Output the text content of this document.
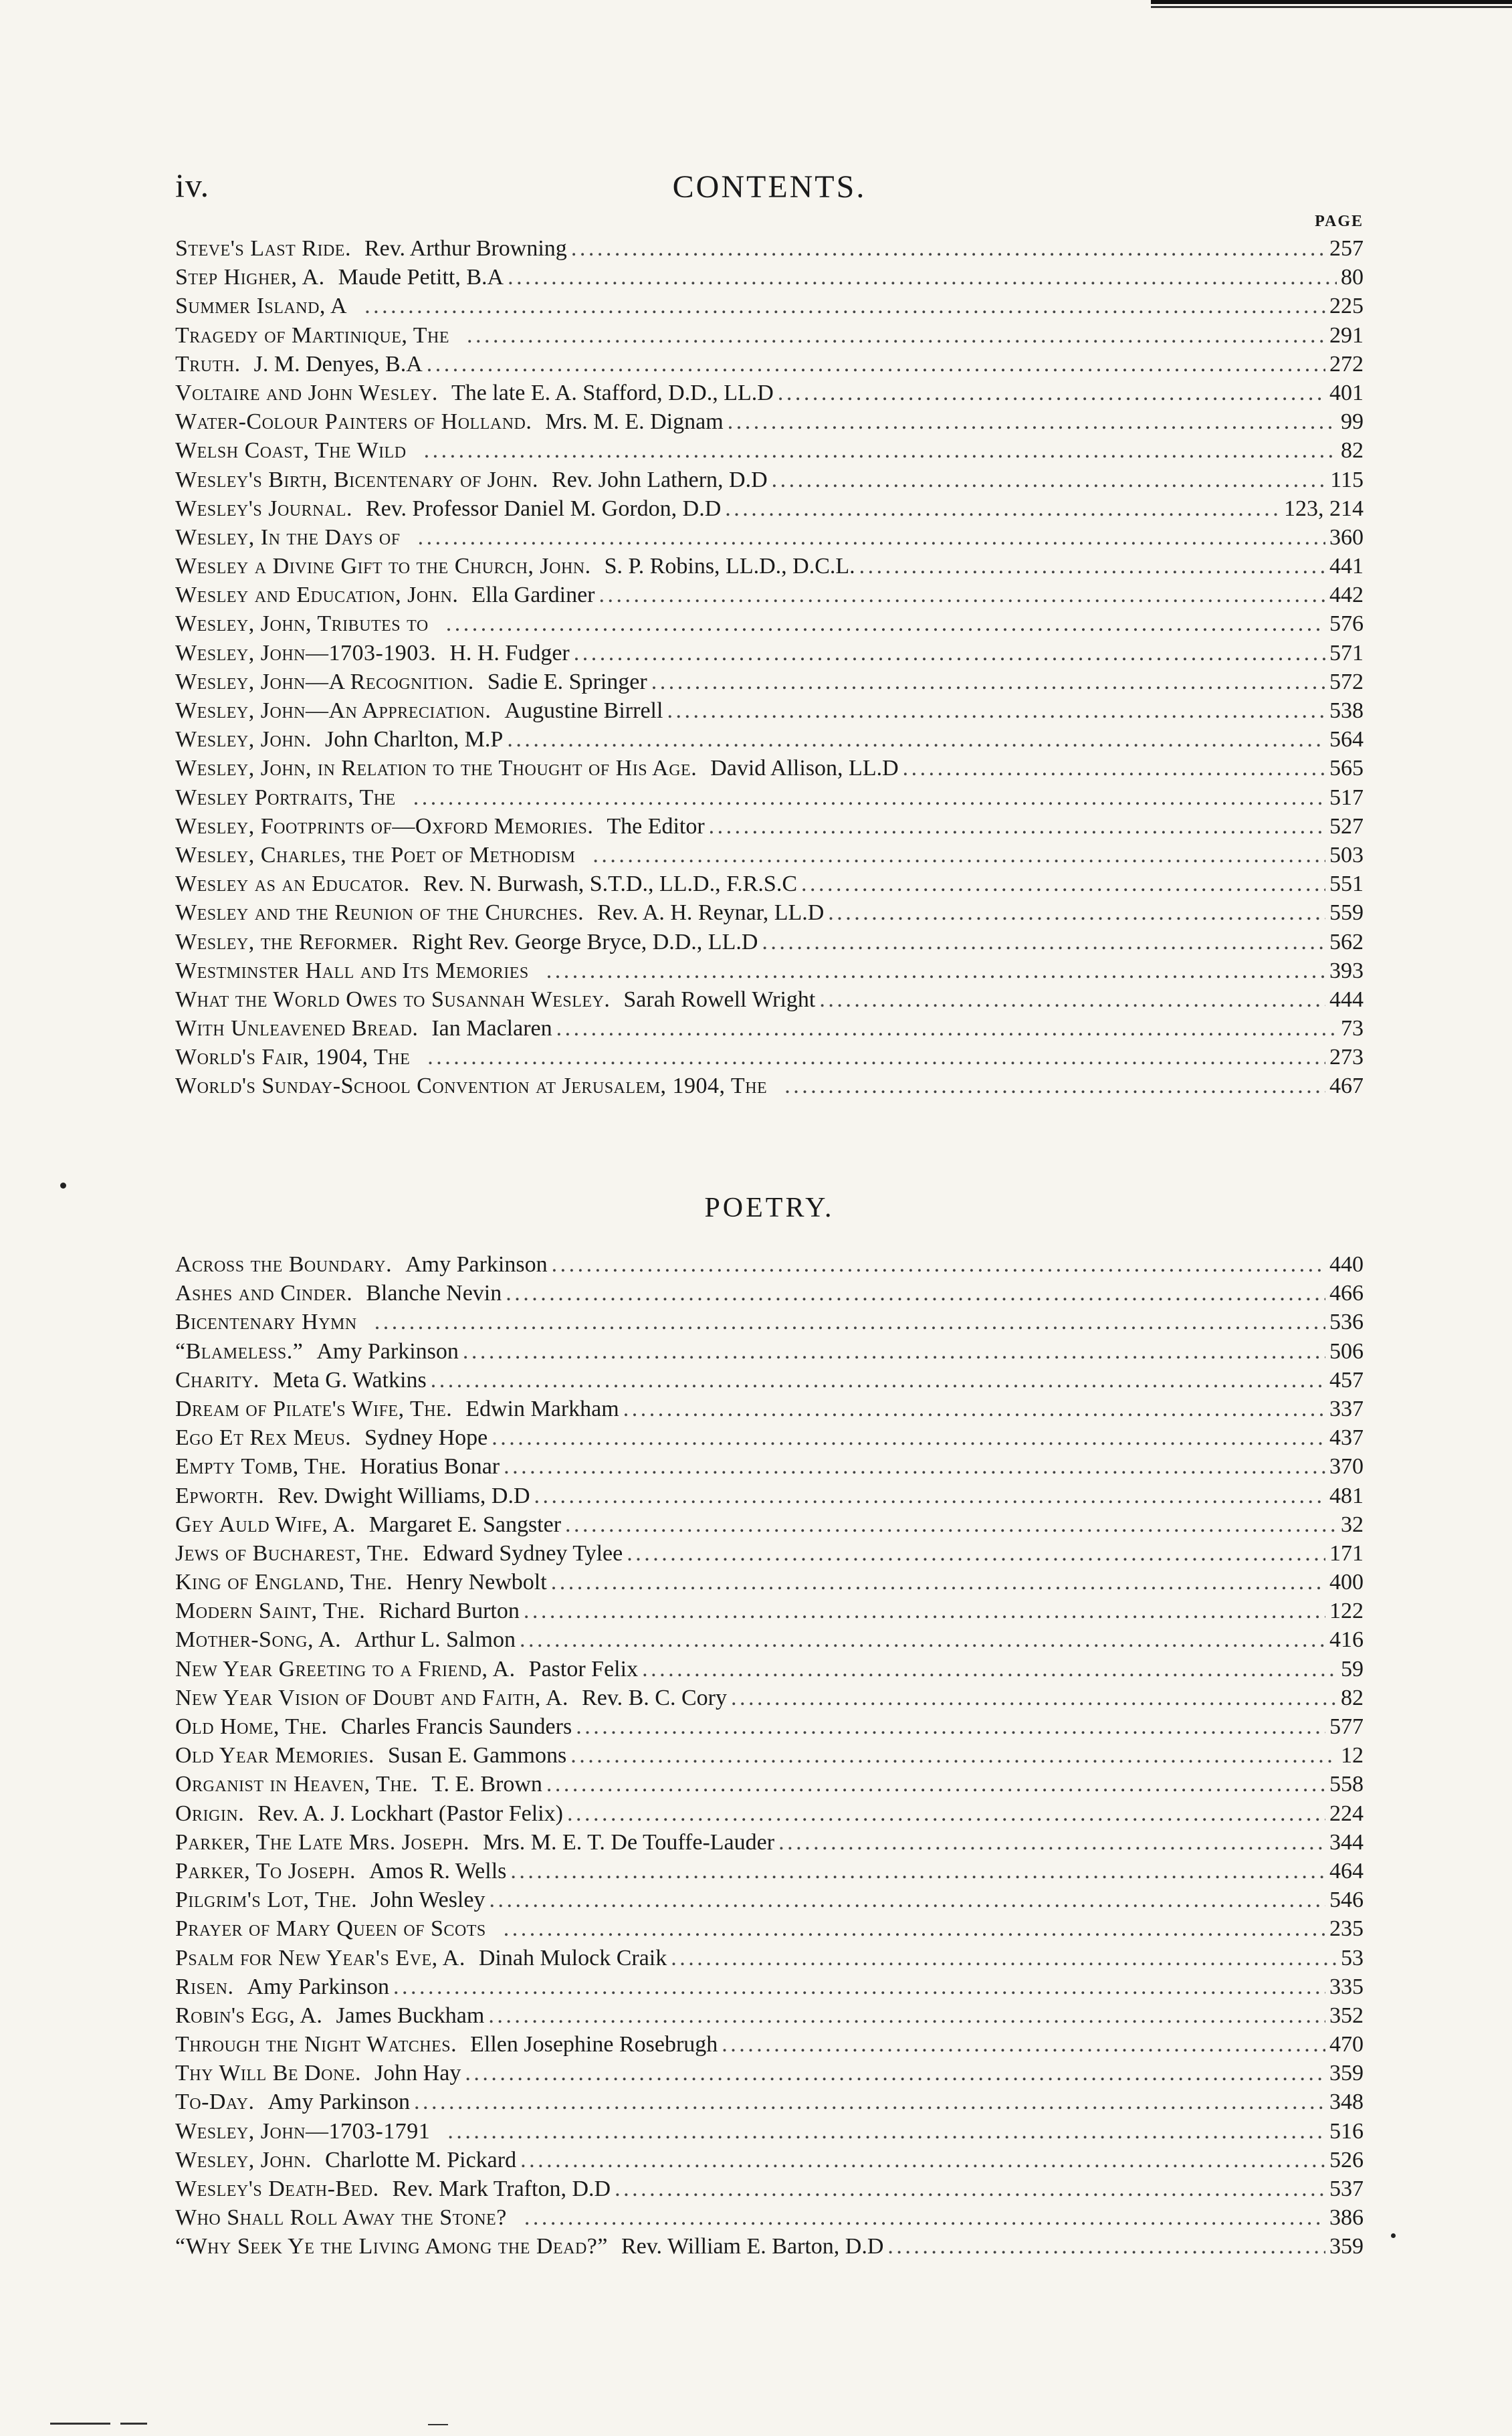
iv.	CONTENTS.
PAGE
Steve's Last Ride. Rev. Arthur Browning . . .	257
Step Higher, A. Maude Petitt, B.A . . .	80
Summer Island, A . . .	225
Tragedy of Martinique, The . . .	291
Truth. J. M. Denyes, B.A . . .	272
Voltaire and John Wesley. The late E. A. Stafford, D.D., LL.D . . .	401
Water-Colour Painters of Holland. Mrs. M. E. Dignam . . .	99
Welsh Coast, The Wild . . .	82
Wesley's Birth, Bicentenary of John. Rev. John Lathern, D.D . . .	115
Wesley's Journal. Rev. Professor Daniel M. Gordon, D.D . . .	123, 214
Wesley, In the Days of . . .	360
Wesley a Divine Gift to the Church, John. S. P. Robins, LL.D., D.C.L. . . .	441
Wesley and Education, John. Ella Gardiner . . .	442
Wesley, John, Tributes to . . .	576
Wesley, John—1703-1903. H. H. Fudger . . .	571
Wesley, John—A Recognition. Sadie E. Springer . . .	572
Wesley, John—An Appreciation. Augustine Birrell . . .	538
Wesley, John. John Charlton, M.P . . .	564
Wesley, John, in Relation to the Thought of His Age. David Allison, LL.D . . .	565
Wesley Portraits, The . . .	517
Wesley, Footprints of—Oxford Memories. The Editor . . .	527
Wesley, Charles, the Poet of Methodism . . .	503
Wesley as an Educator. Rev. N. Burwash, S.T.D., LL.D., F.R.S.C . . .	551
Wesley and the Reunion of the Churches. Rev. A. H. Reynar, LL.D . . .	559
Wesley, the Reformer. Right Rev. George Bryce, D.D., LL.D . . .	562
Westminster Hall and Its Memories . . .	393
What the World Owes to Susannah Wesley. Sarah Rowell Wright . . .	444
With Unleavened Bread. Ian Maclaren . . .	73
World's Fair, 1904, The . . .	273
World's Sunday-School Convention at Jerusalem, 1904, The . . .	467
POETRY.
Across the Boundary. Amy Parkinson . . .	440
Ashes and Cinder. Blanche Nevin . . .	466
Bicentenary Hymn . . .	536
“Blameless.” Amy Parkinson . . .	506
Charity. Meta G. Watkins . . .	457
Dream of Pilate's Wife, The. Edwin Markham . . .	337
Ego Et Rex Meus. Sydney Hope . . .	437
Empty Tomb, The. Horatius Bonar . . .	370
Epworth. Rev. Dwight Williams, D.D . . .	481
Gey Auld Wife, A. Margaret E. Sangster . . .	32
Jews of Bucharest, The. Edward Sydney Tylee . . .	171
King of England, The. Henry Newbolt . . .	400
Modern Saint, The. Richard Burton . . .	122
Mother-Song, A. Arthur L. Salmon . . .	416
New Year Greeting to a Friend, A. Pastor Felix . . .	59
New Year Vision of Doubt and Faith, A. Rev. B. C. Cory . . .	82
Old Home, The. Charles Francis Saunders . . .	577
Old Year Memories. Susan E. Gammons . . .	12
Organist in Heaven, The. T. E. Brown . . .	558
Origin. Rev. A. J. Lockhart (Pastor Felix) . . .	224
Parker, The Late Mrs. Joseph. Mrs. M. E. T. De Touffe-Lauder . . .	344
Parker, To Joseph. Amos R. Wells . . .	464
Pilgrim's Lot, The. John Wesley . . .	546
Prayer of Mary Queen of Scots . . .	235
Psalm for New Year's Eve, A. Dinah Mulock Craik . . .	53
Risen. Amy Parkinson . . .	335
Robin's Egg, A. James Buckham . . .	352
Through the Night Watches. Ellen Josephine Rosebrugh . . .	470
Thy Will Be Done. John Hay . . .	359
To-Day. Amy Parkinson . . .	348
Wesley, John—1703-1791 . . .	516
Wesley, John. Charlotte M. Pickard . . .	526
Wesley's Death-Bed. Rev. Mark Trafton, D.D . . .	537
Who Shall Roll Away the Stone? . . .	386
“Why Seek Ye the Living Among the Dead?” Rev. William E. Barton, D.D . . .	359
